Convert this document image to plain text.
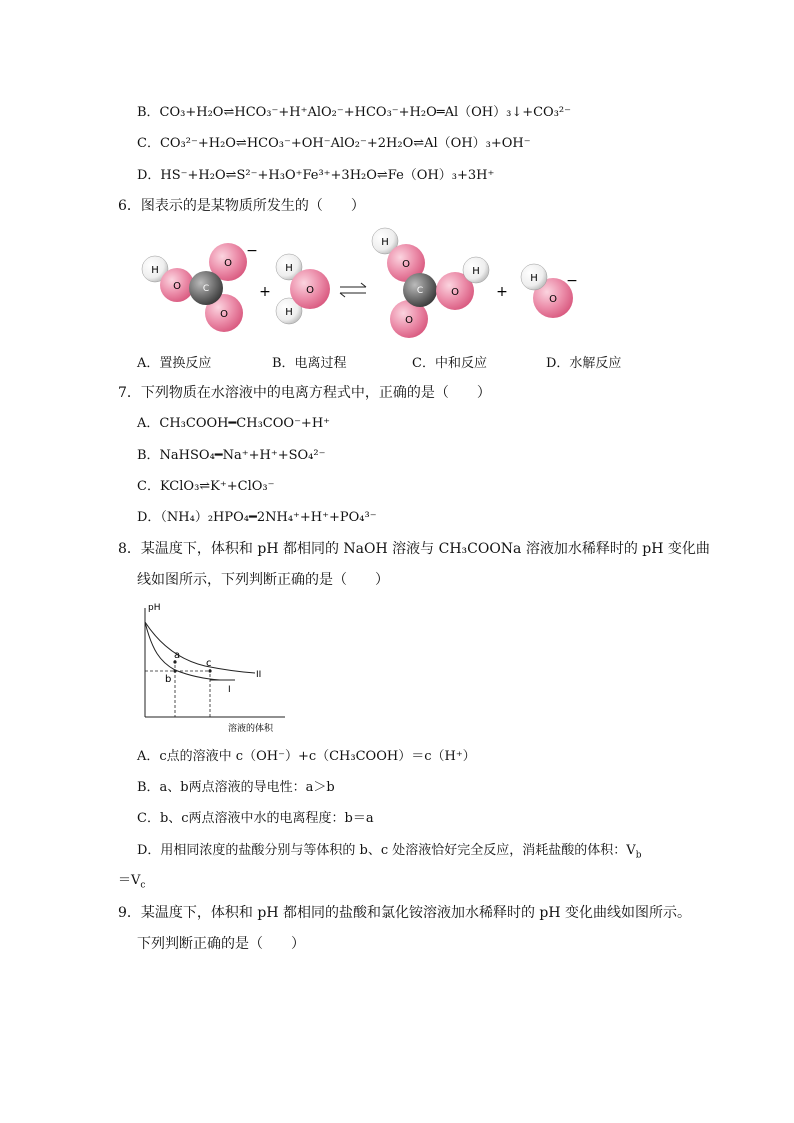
B．CO₃+H₂O⇌HCO₃⁻+H⁺AlO₂⁻+HCO₃⁻+H₂O═Al（OH）₃↓+CO₃²⁻
C．CO₃²⁻+H₂O⇌HCO₃⁻+OH⁻AlO₂⁻+2H₂O⇌Al（OH）₃+OH⁻
D．HS⁻+H₂O⇌S²⁻+H₃O⁺Fe³⁺+3H₂O⇌Fe（OH）₃+3H⁺
6．图表示的是某物质所发生的（　　）
H
O
O
O
C
−
+
H
H
O
H
O
O
C	O
H
+
H
O
−
A．置换反应	B．电离过程	C．中和反应	D．水解反应
7．下列物质在水溶液中的电离方程式中，正确的是（　　）
A．CH₃COOH━CH₃COO⁻+H⁺
B．NaHSO₄━Na⁺+H⁺+SO₄²⁻
C．KClO₃⇌K⁺+ClO₃⁻
D．（NH₄）₂HPO₄━2NH₄⁺+H⁺+PO₄³⁻
8．某温度下，体积和 pH 都相同的 NaOH 溶液与 CH₃COONa 溶液加水稀释时的 pH 变化曲
线如图所示，下列判断正确的是（　　）
pH
溶液的体积
a
b
c
II
I
A．c点的溶液中 c（OH⁻）+c（CH₃COOH）＝c（H⁺）
B．a、b两点溶液的导电性：a＞b
C．b、c两点溶液中水的电离程度：b＝a
D．用相同浓度的盐酸分别与等体积的 b、c 处溶液恰好完全反应，消耗盐酸的体积：$V_b$
$=V_c$
9．某温度下，体积和 pH 都相同的盐酸和氯化铵溶液加水稀释时的 pH 变化曲线如图所示。
下列判断正确的是（　　）
